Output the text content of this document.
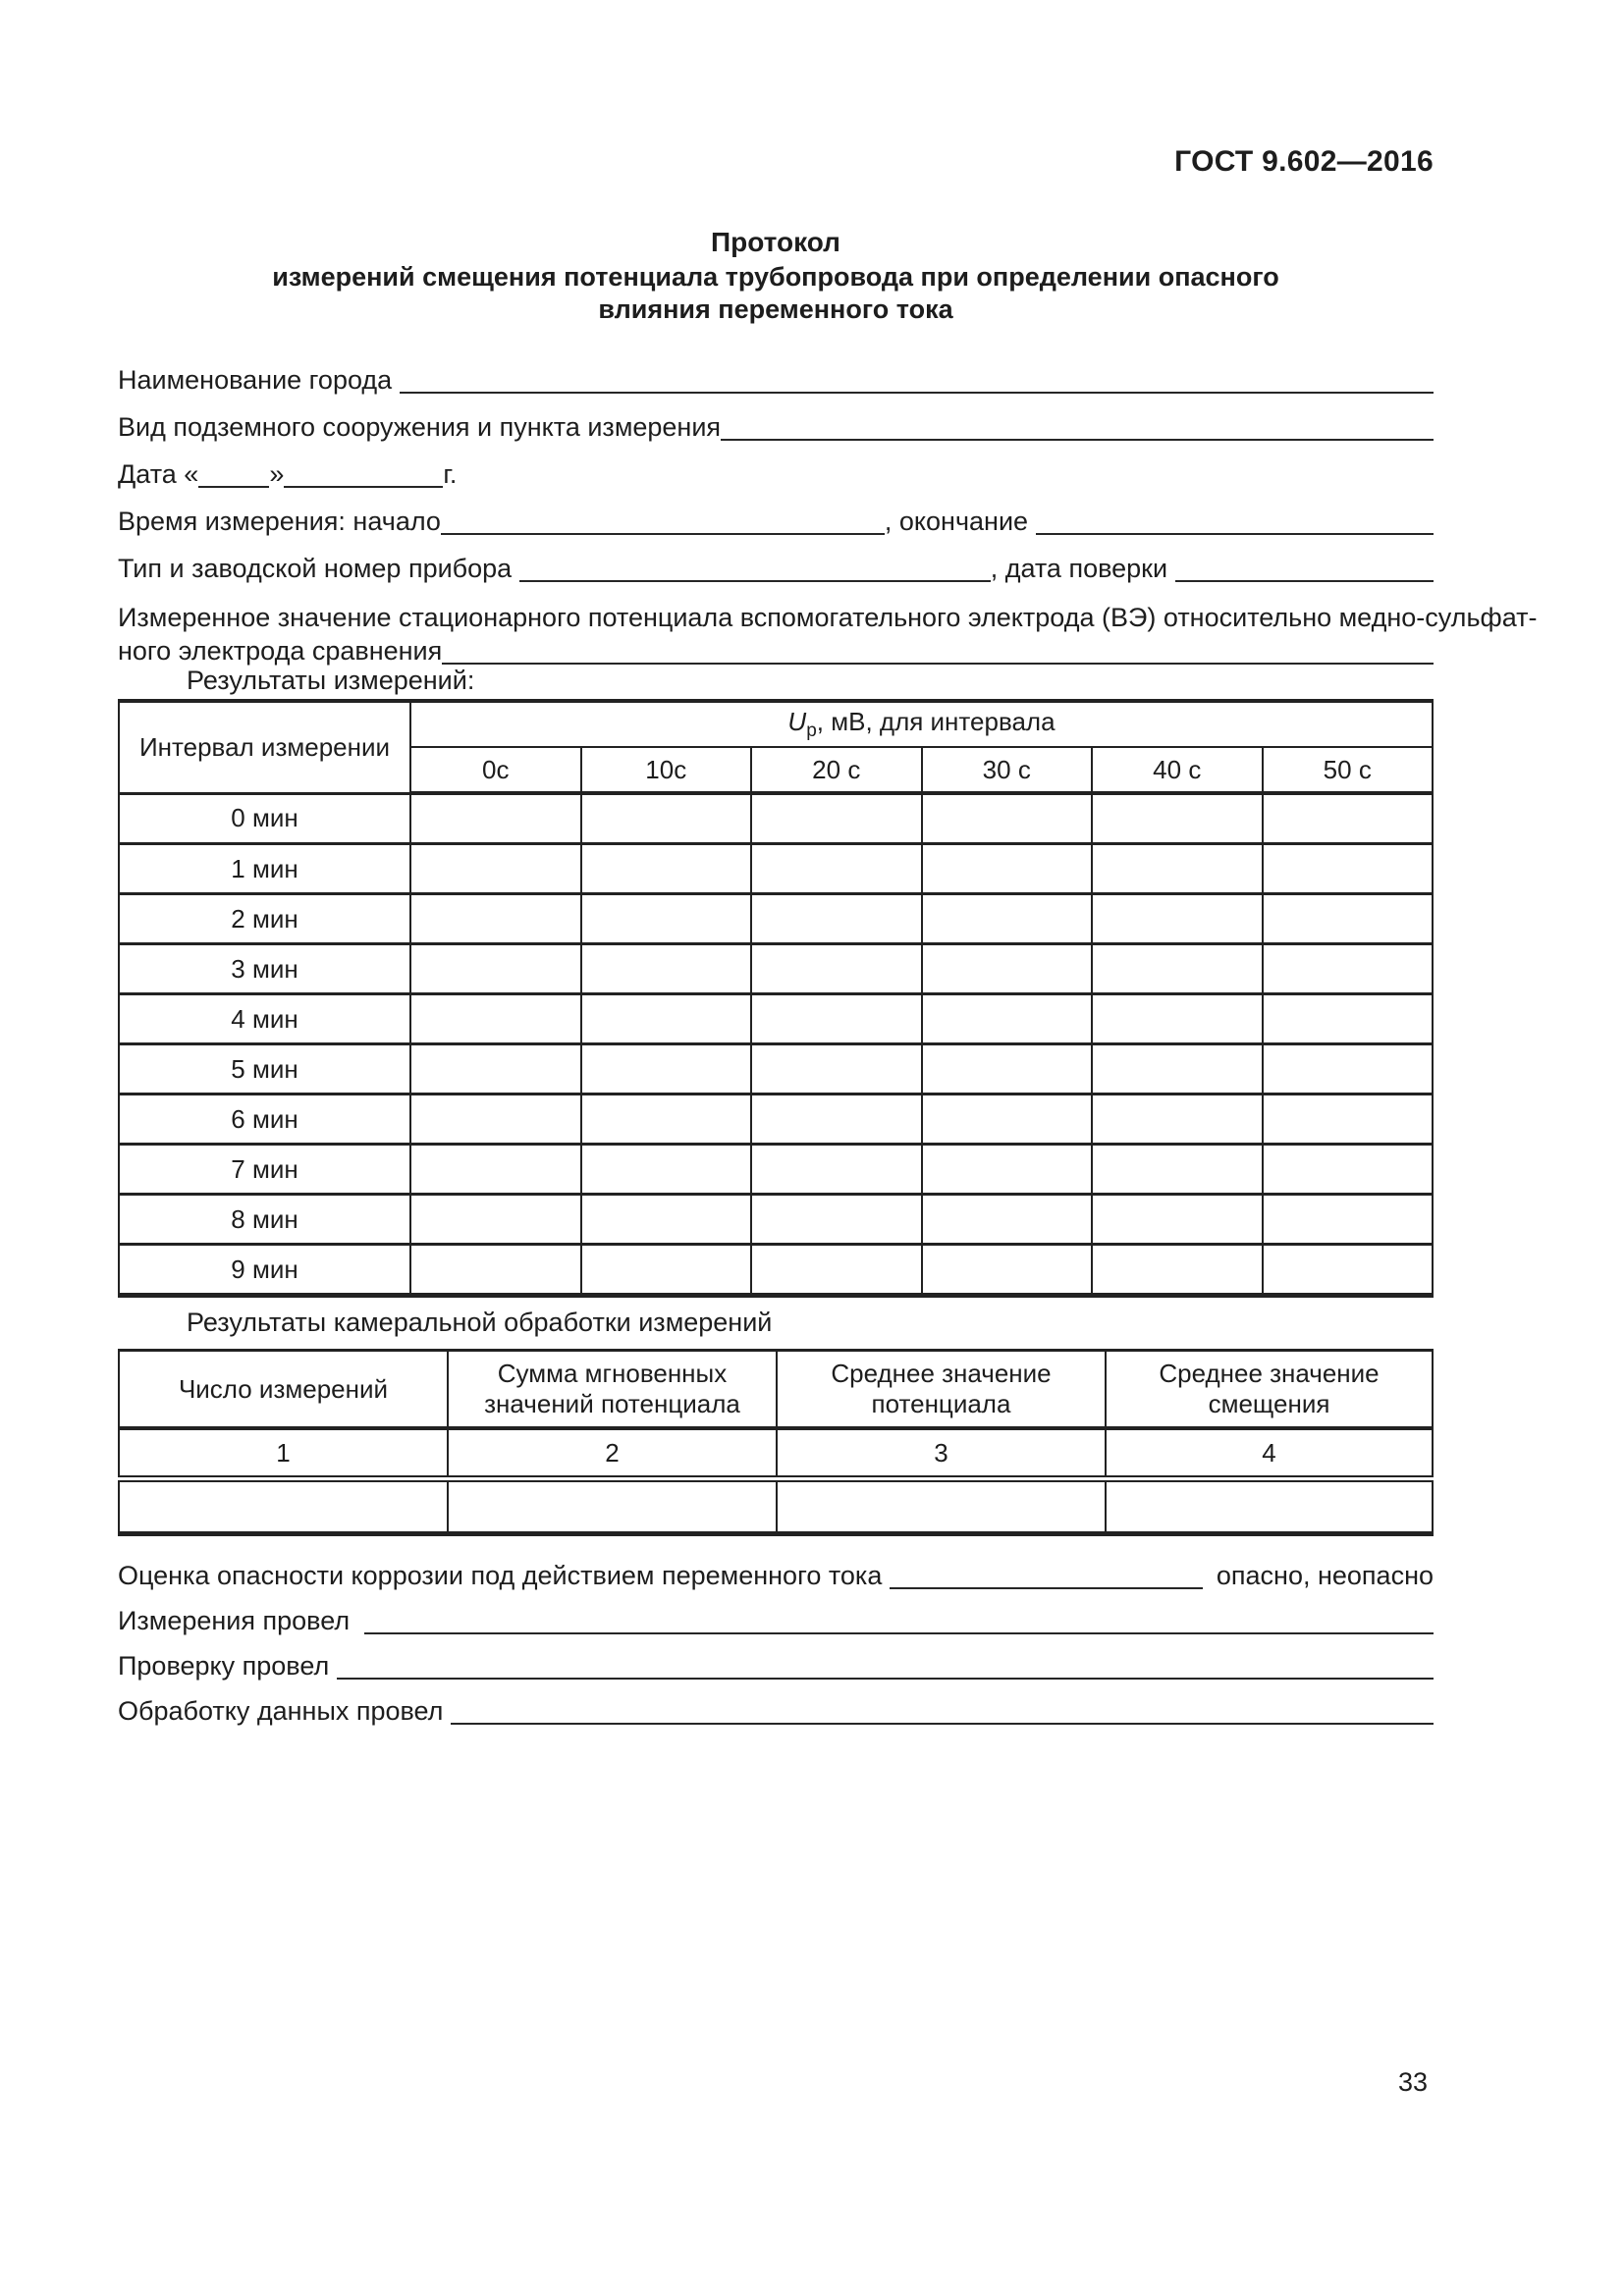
ГОСТ 9.602—2016
Протокол
измерений смещения потенциала трубопровода при определении опасного
влияния переменного тока
Наименование города
Вид подземного сооружения и пункта измерения
Дата «	»	г.
Время измерения: начало	, окончание
Тип и заводской номер прибора	, дата поверки
Измеренное значение стационарного потенциала вспомогательного электрода (ВЭ) относительно медно-сульфат-
ного электрода сравнения
Результаты измерений:
Интервал измерении	$U_р$, мВ, для интервала					
	0с	10с	20 с	30 с	40 с	50 с
0 мин						
1 мин						
2 мин						
3 мин						
4 мин						
5 мин						
6 мин						
7 мин						
8 мин						
9 мин						
Результаты камеральной обработки измерений
Число измерений	Сумма мгновенных значений потенциала	Среднее значение потенциала	Среднее значение смещения
1	2	3	4

Оценка опасности коррозии под действием переменного тока	опасно, неопасно
Измерения провел
Проверку провел
Обработку данных провел
33
